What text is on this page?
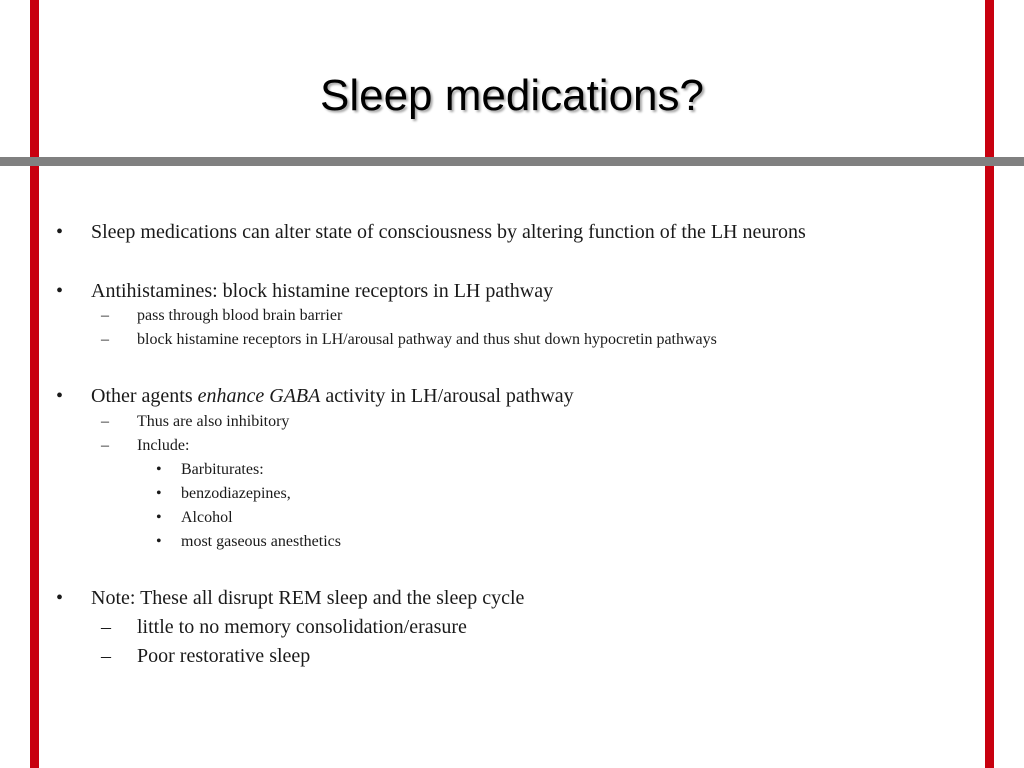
Sleep medications?
• Sleep medications can alter state of consciousness by altering function of the LH neurons
• Antihistamines: block histamine receptors in LH pathway
– pass through blood brain barrier
– block histamine receptors in LH/arousal pathway and thus shut down hypocretin pathways
• Other agents enhance GABA activity in LH/arousal pathway
– Thus are also inhibitory
– Include:
• Barbiturates:
• benzodiazepines,
• Alcohol
• most gaseous anesthetics
• Note: These all disrupt REM sleep and the sleep cycle
– little to no memory consolidation/erasure
– Poor restorative sleep
